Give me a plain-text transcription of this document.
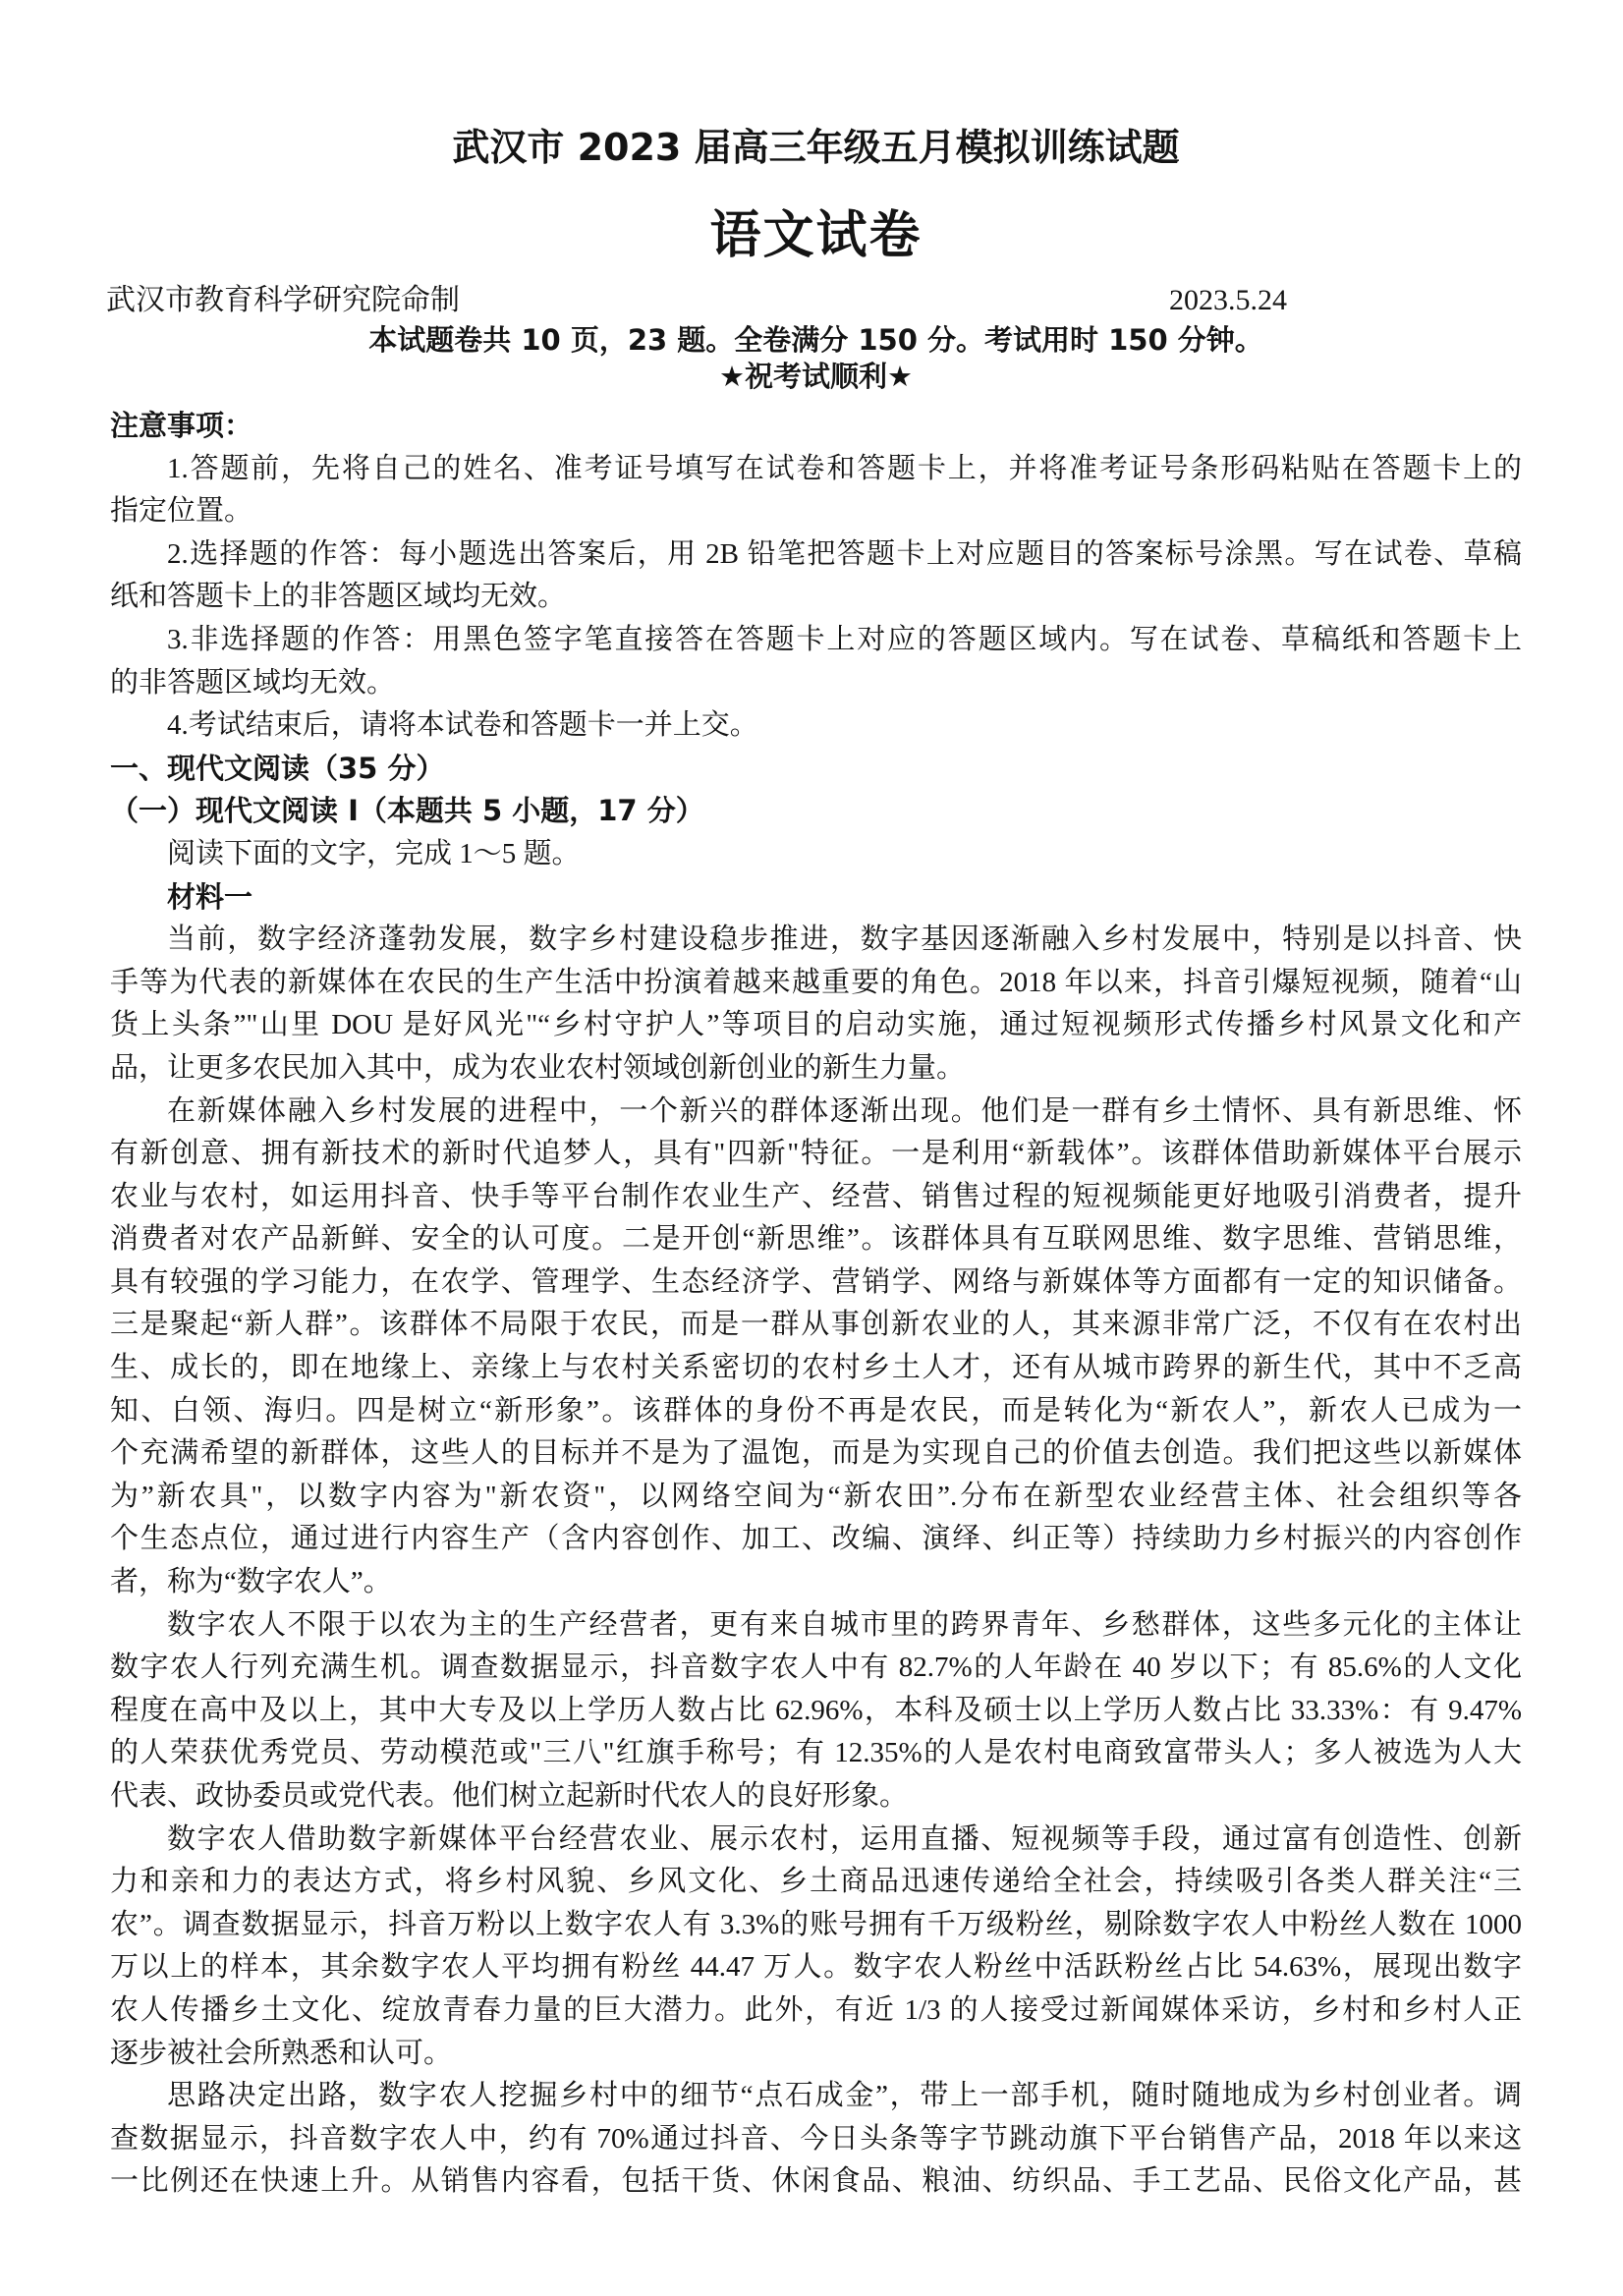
武汉市 2023 届高三年级五月模拟训练试题
语文试卷
武汉市教育科学研究院命制	2023.5.24
本试题卷共 10 页，23 题。全卷满分 150 分。考试用时 150 分钟。
★祝考试顺利★
注意事项：
1.答题前，先将自己的姓名、准考证号填写在试卷和答题卡上，并将准考证号条形码粘贴在答题卡上的
指定位置。
2.选择题的作答：每小题选出答案后，用 2B 铅笔把答题卡上对应题目的答案标号涂黑。写在试卷、草稿
纸和答题卡上的非答题区域均无效。
3.非选择题的作答：用黑色签字笔直接答在答题卡上对应的答题区域内。写在试卷、草稿纸和答题卡上
的非答题区域均无效。
4.考试结束后，请将本试卷和答题卡一并上交。
一、现代文阅读（35 分）
（一）现代文阅读 I（本题共 5 小题，17 分）
阅读下面的文字，完成 1～5 题。
材料一
当前，数字经济蓬勃发展，数字乡村建设稳步推进，数字基因逐渐融入乡村发展中，特别是以抖音、快
手等为代表的新媒体在农民的生产生活中扮演着越来越重要的角色。2018 年以来，抖音引爆短视频，随着“山
货上头条”"山里 DOU 是好风光"“乡村守护人”等项目的启动实施，通过短视频形式传播乡村风景文化和产
品，让更多农民加入其中，成为农业农村领域创新创业的新生力量。
在新媒体融入乡村发展的进程中，一个新兴的群体逐渐出现。他们是一群有乡土情怀、具有新思维、怀
有新创意、拥有新技术的新时代追梦人，具有"四新"特征。一是利用“新载体”。该群体借助新媒体平台展示
农业与农村，如运用抖音、快手等平台制作农业生产、经营、销售过程的短视频能更好地吸引消费者，提升
消费者对农产品新鲜、安全的认可度。二是开创“新思维”。该群体具有互联网思维、数字思维、营销思维，
具有较强的学习能力，在农学、管理学、生态经济学、营销学、网络与新媒体等方面都有一定的知识储备。
三是聚起“新人群”。该群体不局限于农民，而是一群从事创新农业的人，其来源非常广泛，不仅有在农村出
生、成长的，即在地缘上、亲缘上与农村关系密切的农村乡土人才，还有从城市跨界的新生代，其中不乏高
知、白领、海归。四是树立“新形象”。该群体的身份不再是农民，而是转化为“新农人”，新农人已成为一
个充满希望的新群体，这些人的目标并不是为了温饱，而是为实现自己的价值去创造。我们把这些以新媒体
为”新农具"，以数字内容为"新农资"，以网络空间为“新农田”.分布在新型农业经营主体、社会组织等各
个生态点位，通过进行内容生产（含内容创作、加工、改编、演绎、纠正等）持续助力乡村振兴的内容创作
者，称为“数字农人”。
数字农人不限于以农为主的生产经营者，更有来自城市里的跨界青年、乡愁群体，这些多元化的主体让
数字农人行列充满生机。调查数据显示，抖音数字农人中有 82.7%的人年龄在 40 岁以下；有 85.6%的人文化
程度在高中及以上，其中大专及以上学历人数占比 62.96%，本科及硕士以上学历人数占比 33.33%：有 9.47%
的人荣获优秀党员、劳动模范或"三八"红旗手称号；有 12.35%的人是农村电商致富带头人；多人被选为人大
代表、政协委员或党代表。他们树立起新时代农人的良好形象。
数字农人借助数字新媒体平台经营农业、展示农村，运用直播、短视频等手段，通过富有创造性、创新
力和亲和力的表达方式，将乡村风貌、乡风文化、乡土商品迅速传递给全社会，持续吸引各类人群关注“三
农”。调查数据显示，抖音万粉以上数字农人有 3.3%的账号拥有千万级粉丝，剔除数字农人中粉丝人数在 1000
万以上的样本，其余数字农人平均拥有粉丝 44.47 万人。数字农人粉丝中活跃粉丝占比 54.63%，展现出数字
农人传播乡土文化、绽放青春力量的巨大潜力。此外，有近 1/3 的人接受过新闻媒体采访，乡村和乡村人正
逐步被社会所熟悉和认可。
思路决定出路，数字农人挖掘乡村中的细节“点石成金”，带上一部手机，随时随地成为乡村创业者。调
查数据显示，抖音数字农人中，约有 70%通过抖音、今日头条等字节跳动旗下平台销售产品，2018 年以来这
一比例还在快速上升。从销售内容看，包括干货、休闲食品、粮油、纺织品、手工艺品、民俗文化产品，甚
